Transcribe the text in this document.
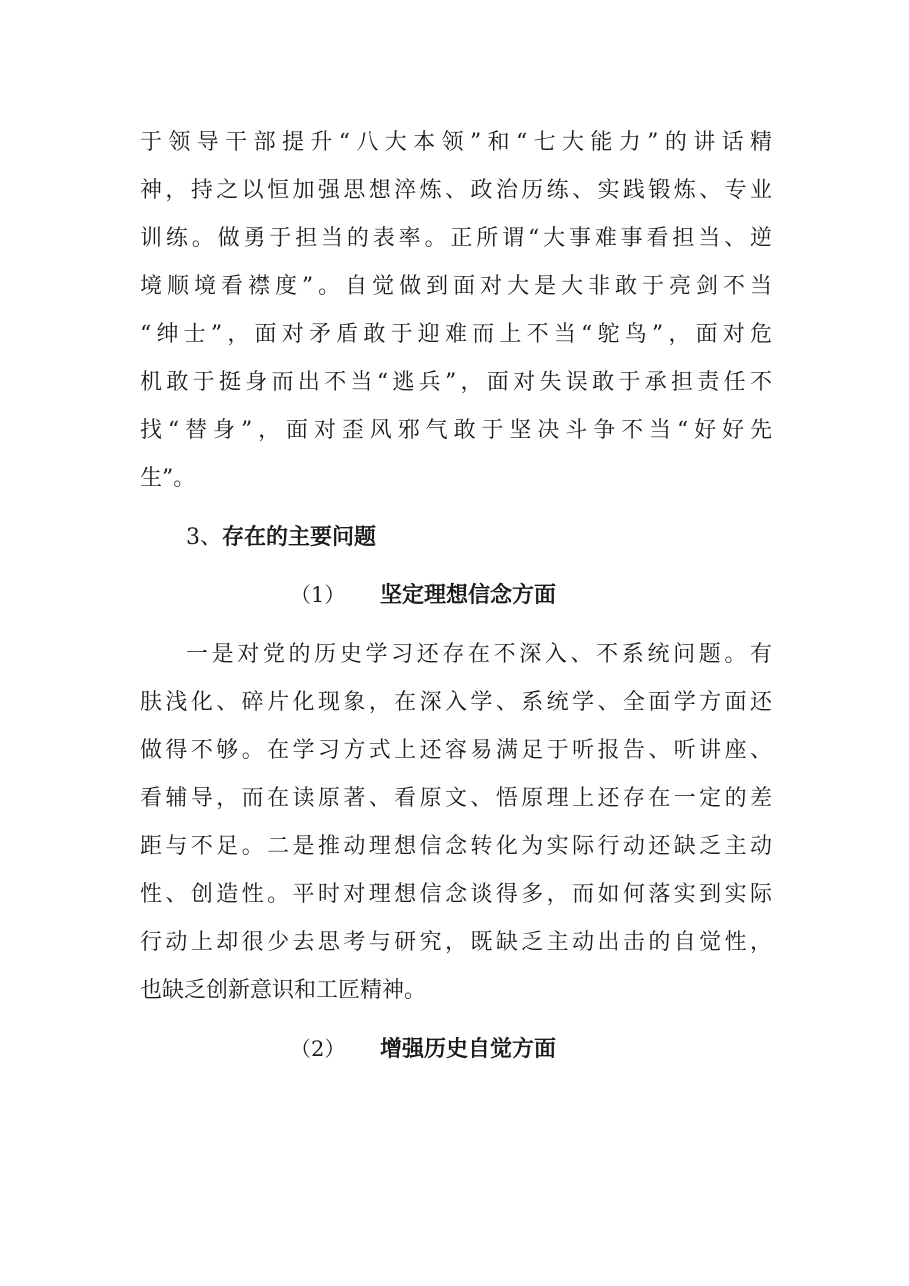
于领导干部提升“八大本领”和“七大能力”的讲话精
神，持之以恒加强思想淬炼、政治历练、实践锻炼、专业
训练。做勇于担当的表率。正所谓“大事难事看担当、逆
境顺境看襟度”。自觉做到面对大是大非敢于亮剑不当
“绅士”，面对矛盾敢于迎难而上不当“鸵鸟”，面对危
机敢于挺身而出不当“逃兵”，面对失误敢于承担责任不
找“替身”，面对歪风邪气敢于坚决斗争不当“好好先
生”。
3、存在的主要问题
（1） 坚定理想信念方面
一是对党的历史学习还存在不深入、不系统问题。有
肤浅化、碎片化现象，在深入学、系统学、全面学方面还
做得不够。在学习方式上还容易满足于听报告、听讲座、
看辅导，而在读原著、看原文、悟原理上还存在一定的差
距与不足。二是推动理想信念转化为实际行动还缺乏主动
性、创造性。平时对理想信念谈得多，而如何落实到实际
行动上却很少去思考与研究，既缺乏主动出击的自觉性，
也缺乏创新意识和工匠精神。
（2） 增强历史自觉方面
